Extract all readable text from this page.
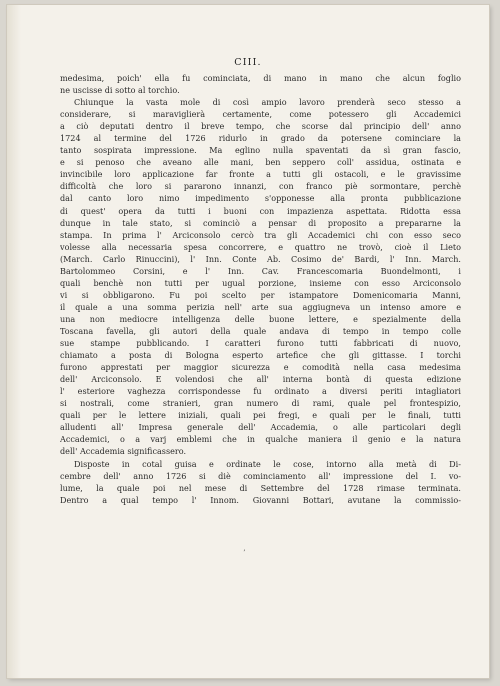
CIII.

medesima, poich' ella fu cominciata, di mano in mano che alcun foglio
ne uscisse di sotto al torchio.

Chiunque la vasta mole di così ampio lavoro prenderà seco stesso a
considerare, si maraviglierà certamente, come potessero gli Accademici
a ciò deputati dentro il breve tempo, che scorse dal principio dell' anno
1724 al termine del 1726 ridurlo in grado da potersene cominciare la
tanto sospirata impressione. Ma eglino nulla spaventati da sì gran fascio,
e si penoso che aveano alle mani, ben seppero coll' assidua, ostinata e
invincibile loro applicazione far fronte a tutti gli ostacoli, e le gravissime
difficoltà che loro si pararono innanzi, con franco piè sormontare, perchè
dal canto loro nimo impedimento s'opponesse alla pronta pubblicazione
di quest' opera da tutti i buoni con impazienza aspettata. Ridotta essa
dunque in tale stato, si cominciò a pensar di proposito a prepararne la
stampa. In prima l' Arciconsolo cercò tra gli Accademici chi con esso seco
volesse alla necessaria spesa concorrere, e quattro ne trovò, cioè il Lieto
(March. Carlo Rinuccini), l' Inn. Conte Ab. Cosimo de' Bardi, l' Inn. March.
Bartolommeo Corsini, e l' Inn. Cav. Francescomaria Buondelmonti, i
quali benchè non tutti per ugual porzione, insieme con esso Arciconsolo
vi si obbligarono. Fu poi scelto per istampatore Domenicomaria Manni,
il quale a una somma perizia nell' arte sua aggiugneva un intenso amore e
una non mediocre intelligenza delle buone lettere, e spezialmente della
Toscana favella, gli autori della quale andava di tempo in tempo colle
sue stampe pubblicando. I caratteri furono tutti fabbricati di nuovo,
chiamato a posta di Bologna esperto artefice che gli gittasse. I torchi
furono apprestati per maggior sicurezza e comodità nella casa medesima
dell' Arciconsolo. E volendosi che all' interna bontà di questa edizione
l' esteriore vaghezza corrispondesse fu ordinato a diversi periti intagliatori
si nostrali, come stranieri, gran numero di rami, quale pel frontespizio,
quali per le lettere iniziali, quali pei fregi, e quali per le finali, tutti
alludenti all' Impresa generale dell' Accademia, o alle particolari degli
Accademici, o a varj emblemi che in qualche maniera il genio e la natura
dell' Accademia significassero.

Disposte in cotal guisa e ordinate le cose, intorno alla metà di Di-
cembre dell' anno 1726 si diè cominciamento all' impressione del I. vo-
lume, la quale poi nel mese di Settembre del 1728 rimase terminata.
Dentro a qual tempo l' Innom. Giovanni Bottari, avutane la commissio-

ʼ
